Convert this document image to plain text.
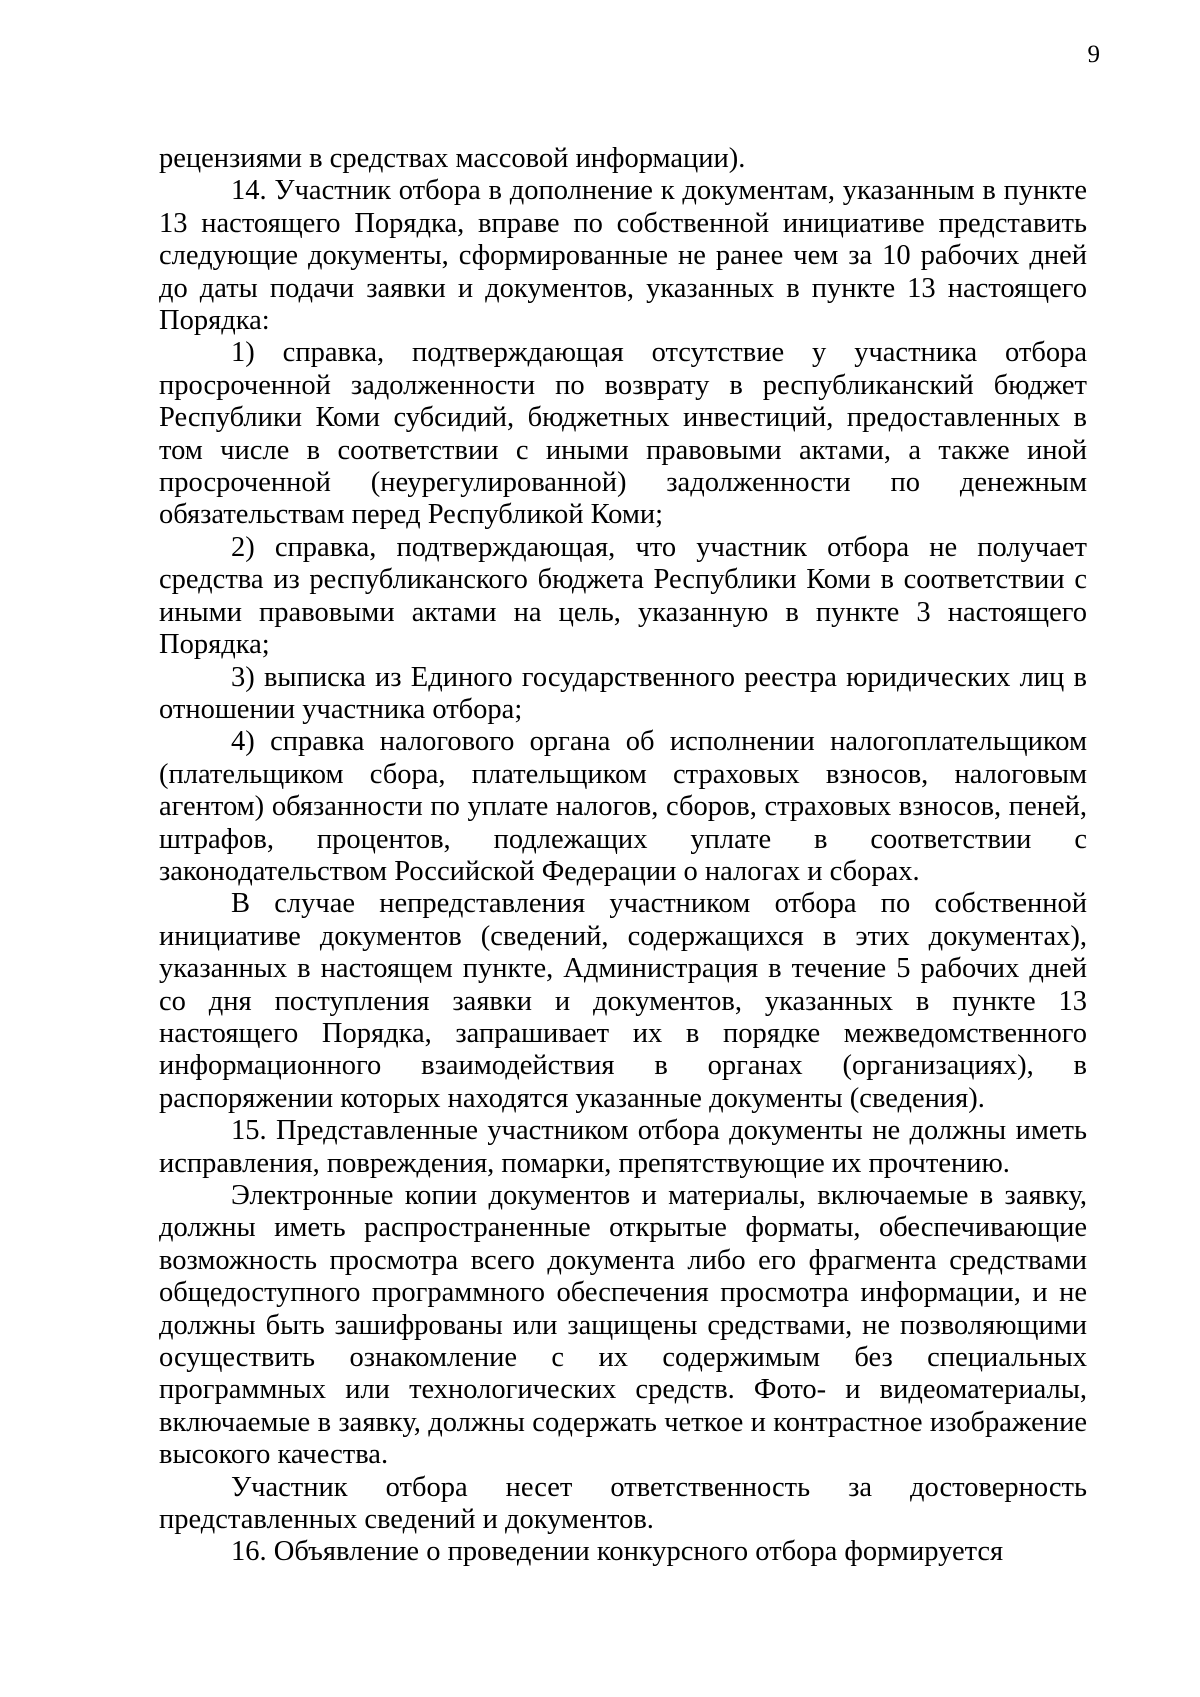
9

рецензиями в средствах массовой информации).

14. Участник отбора в дополнение к документам, указанным в пункте 13 настоящего Порядка, вправе по собственной инициативе представить следующие документы, сформированные не ранее чем за 10 рабочих дней до даты подачи заявки и документов, указанных в пункте 13 настоящего Порядка:

1) справка, подтверждающая отсутствие у участника отбора просроченной задолженности по возврату в республиканский бюджет Республики Коми субсидий, бюджетных инвестиций, предоставленных в том числе в соответствии с иными правовыми актами, а также иной просроченной (неурегулированной) задолженности по денежным обязательствам перед Республикой Коми;

2) справка, подтверждающая, что участник отбора не получает средства из республиканского бюджета Республики Коми в соответствии с иными правовыми актами на цель, указанную в пункте 3 настоящего Порядка;

3) выписка из Единого государственного реестра юридических лиц в отношении участника отбора;

4) справка налогового органа об исполнении налогоплательщиком (плательщиком сбора, плательщиком страховых взносов, налоговым агентом) обязанности по уплате налогов, сборов, страховых взносов, пеней, штрафов, процентов, подлежащих уплате в соответствии с законодательством Российской Федерации о налогах и сборах.

В случае непредставления участником отбора по собственной инициативе документов (сведений, содержащихся в этих документах), указанных в настоящем пункте, Администрация в течение 5 рабочих дней со дня поступления заявки и документов, указанных в пункте 13 настоящего Порядка, запрашивает их в порядке межведомственного информационного взаимодействия в органах (организациях), в распоряжении которых находятся указанные документы (сведения).

15. Представленные участником отбора документы не должны иметь исправления, повреждения, помарки, препятствующие их прочтению.

Электронные копии документов и материалы, включаемые в заявку, должны иметь распространенные открытые форматы, обеспечивающие возможность просмотра всего документа либо его фрагмента средствами общедоступного программного обеспечения просмотра информации, и не должны быть зашифрованы или защищены средствами, не позволяющими осуществить ознакомление с их содержимым без специальных программных или технологических средств. Фото- и видеоматериалы, включаемые в заявку, должны содержать четкое и контрастное изображение высокого качества.

Участник отбора несет ответственность за достоверность представленных сведений и документов.

16. Объявление о проведении конкурсного отбора формируется
